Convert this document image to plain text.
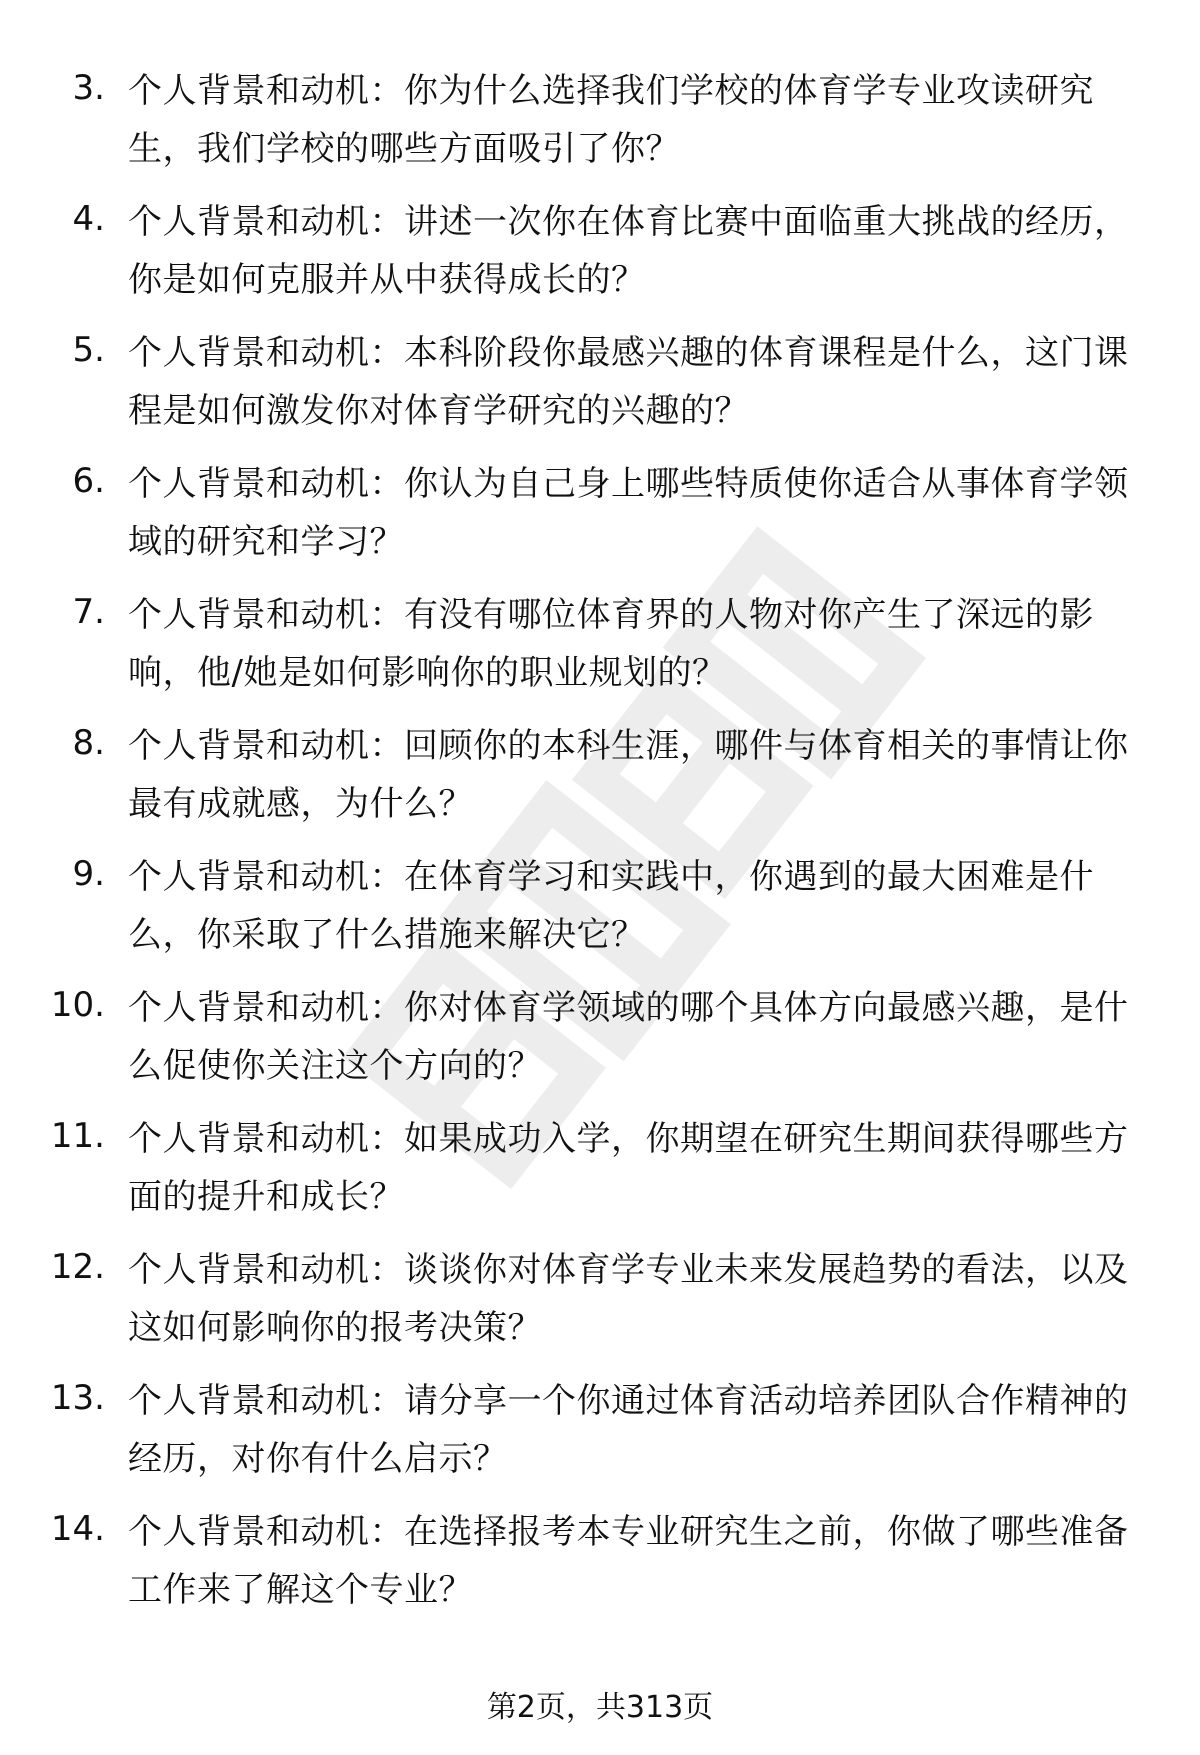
3. 个人背景和动机：你为什么选择我们学校的体育学专业攻读研究生，我们学校的哪些方面吸引了你？
4. 个人背景和动机：讲述一次你在体育比赛中面临重大挑战的经历，你是如何克服并从中获得成长的？
5. 个人背景和动机：本科阶段你最感兴趣的体育课程是什么，这门课程是如何激发你对体育学研究的兴趣的？
6. 个人背景和动机：你认为自己身上哪些特质使你适合从事体育学领域的研究和学习？
7. 个人背景和动机：有没有哪位体育界的人物对你产生了深远的影响，他/她是如何影响你的职业规划的？
8. 个人背景和动机：回顾你的本科生涯，哪件与体育相关的事情让你最有成就感，为什么？
9. 个人背景和动机：在体育学习和实践中，你遇到的最大困难是什么，你采取了什么措施来解决它？
10. 个人背景和动机：你对体育学领域的哪个具体方向最感兴趣，是什么促使你关注这个方向的？
11. 个人背景和动机：如果成功入学，你期望在研究生期间获得哪些方面的提升和成长？
12. 个人背景和动机：谈谈你对体育学专业未来发展趋势的看法，以及这如何影响你的报考决策？
13. 个人背景和动机：请分享一个你通过体育活动培养团队合作精神的经历，对你有什么启示？
14. 个人背景和动机：在选择报考本专业研究生之前，你做了哪些准备工作来了解这个专业？
第2页，共313页
